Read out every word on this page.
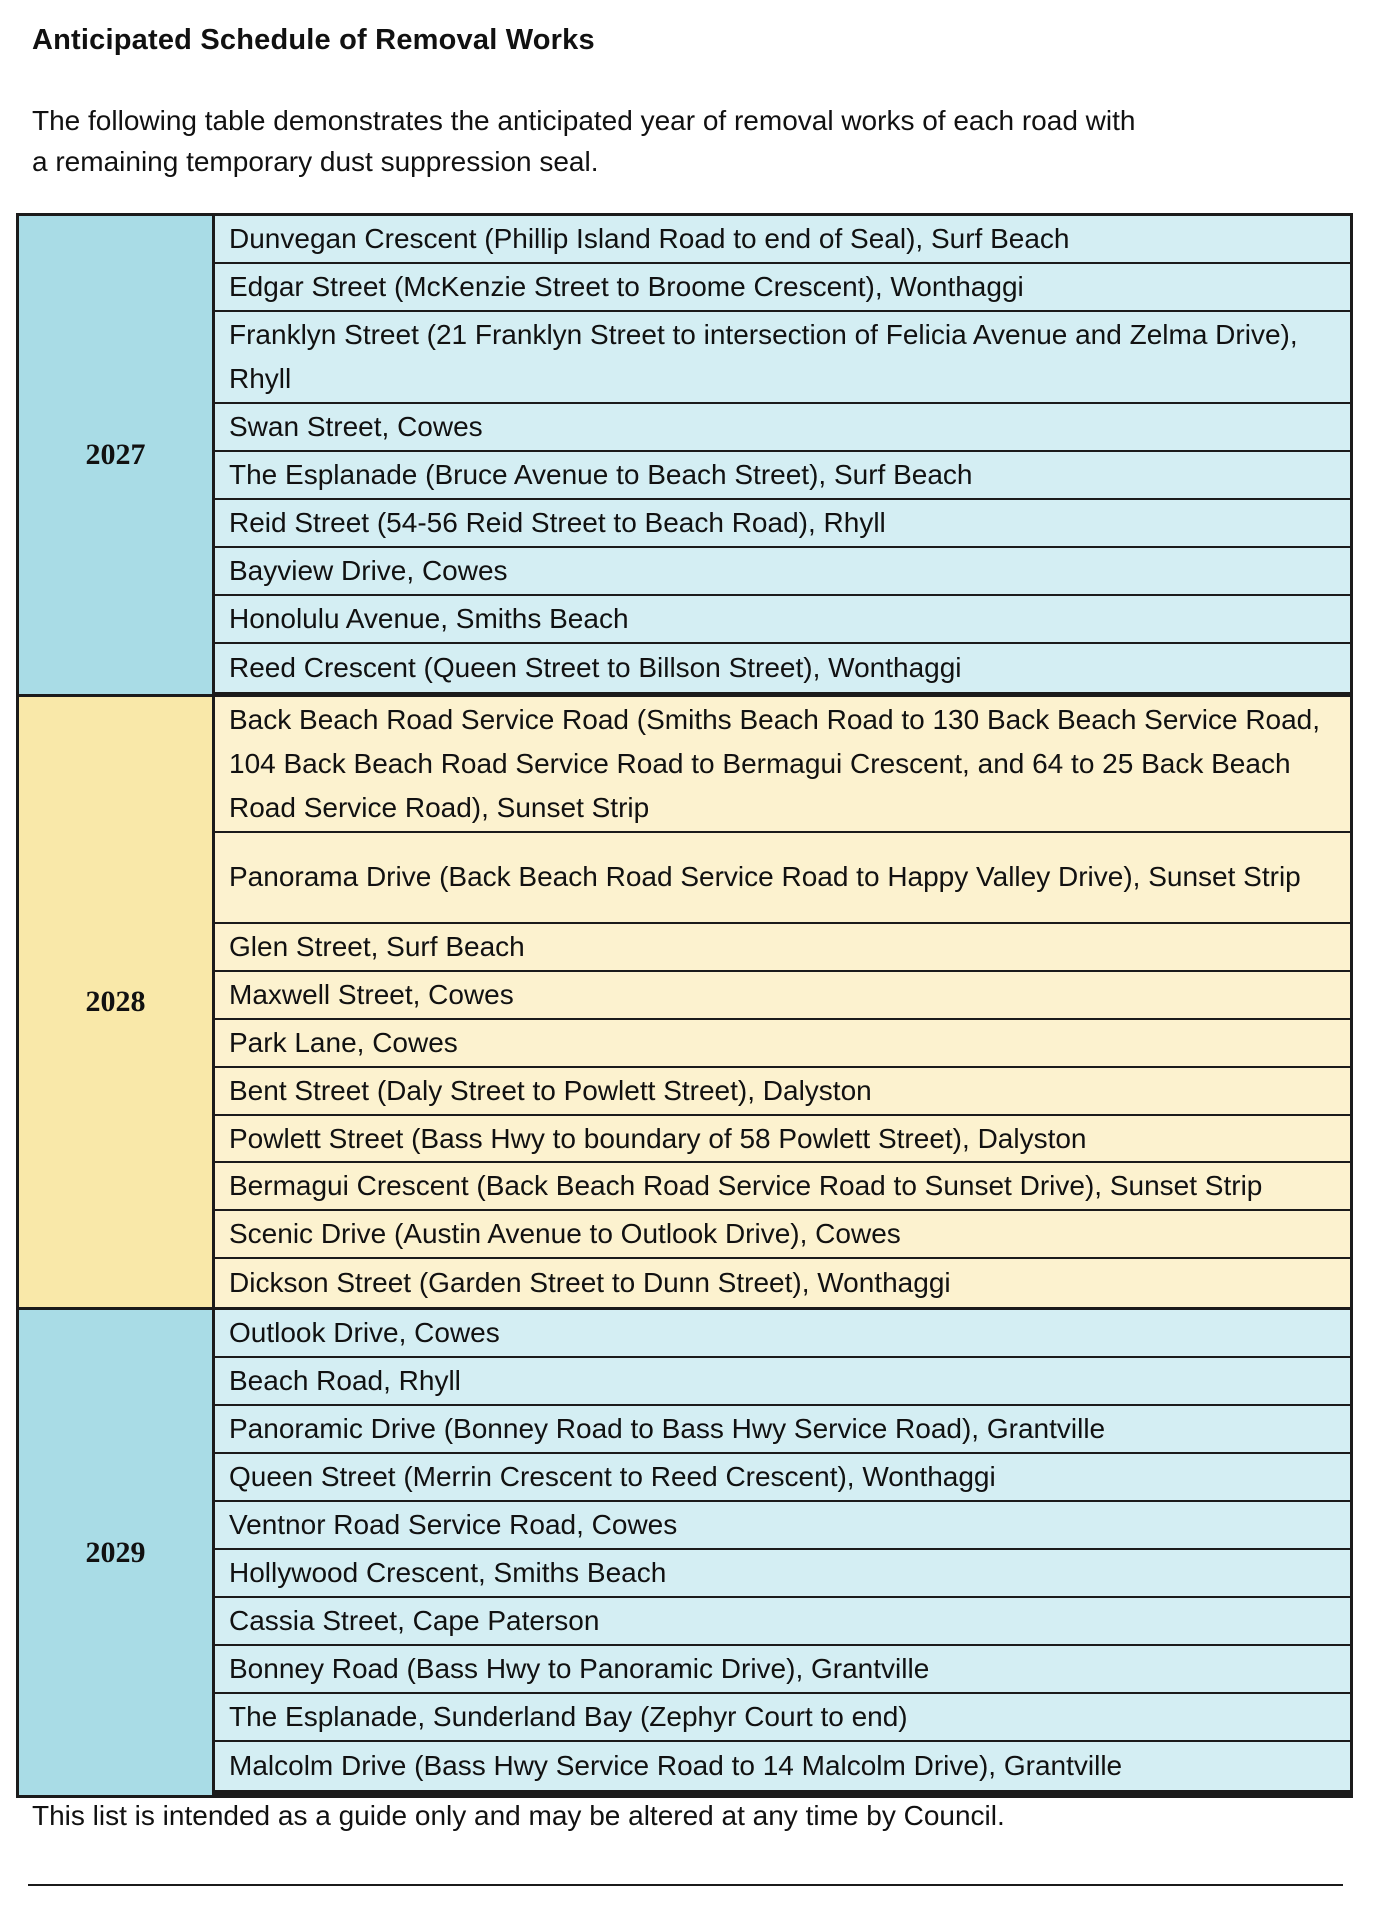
Anticipated Schedule of Removal Works
The following table demonstrates the anticipated year of removal works of each road with
a remaining temporary dust suppression seal.
2027
Dunvegan Crescent (Phillip Island Road to end of Seal), Surf Beach
Edgar Street (McKenzie Street to Broome Crescent), Wonthaggi
Franklyn Street (21 Franklyn Street to intersection of Felicia Avenue and Zelma Drive), Rhyll
Swan Street, Cowes
The Esplanade (Bruce Avenue to Beach Street), Surf Beach
Reid Street (54-56 Reid Street to Beach Road), Rhyll
Bayview Drive, Cowes
Honolulu Avenue, Smiths Beach
Reed Crescent (Queen Street to Billson Street), Wonthaggi
2028
Back Beach Road Service Road (Smiths Beach Road to 130 Back Beach Service Road, 104 Back Beach Road Service Road to Bermagui Crescent, and 64 to 25 Back Beach Road Service Road), Sunset Strip
Panorama Drive (Back Beach Road Service Road to Happy Valley Drive), Sunset Strip
Glen Street, Surf Beach
Maxwell Street, Cowes
Park Lane, Cowes
Bent Street (Daly Street to Powlett Street), Dalyston
Powlett Street (Bass Hwy to boundary of 58 Powlett Street), Dalyston
Bermagui Crescent (Back Beach Road Service Road to Sunset Drive), Sunset Strip
Scenic Drive (Austin Avenue to Outlook Drive), Cowes
Dickson Street (Garden Street to Dunn Street), Wonthaggi
2029
Outlook Drive, Cowes
Beach Road, Rhyll
Panoramic Drive (Bonney Road to Bass Hwy Service Road), Grantville
Queen Street (Merrin Crescent to Reed Crescent), Wonthaggi
Ventnor Road Service Road, Cowes
Hollywood Crescent, Smiths Beach
Cassia Street, Cape Paterson
Bonney Road (Bass Hwy to Panoramic Drive), Grantville
The Esplanade, Sunderland Bay (Zephyr Court to end)
Malcolm Drive (Bass Hwy Service Road to 14 Malcolm Drive), Grantville
This list is intended as a guide only and may be altered at any time by Council.
